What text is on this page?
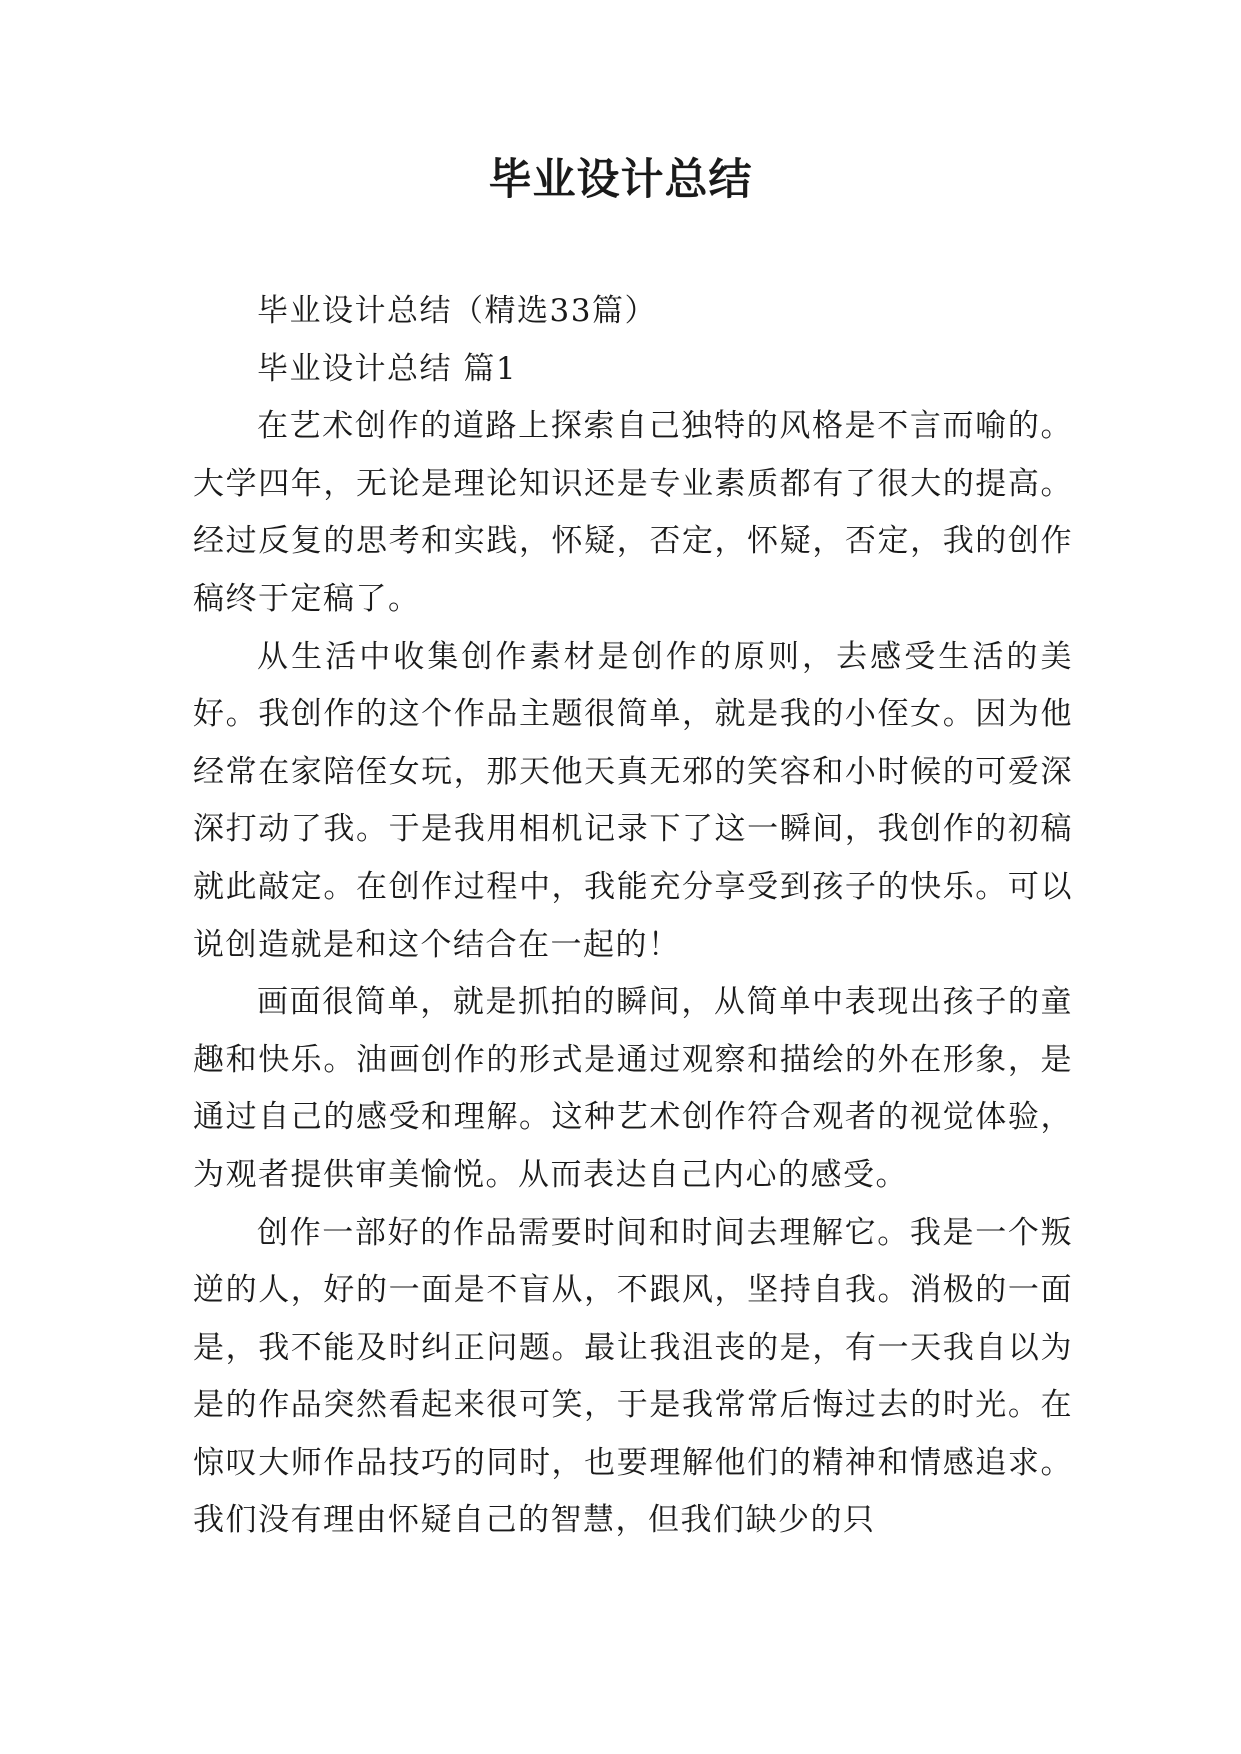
毕业设计总结

毕业设计总结（精选33篇）

毕业设计总结 篇1

在艺术创作的道路上探索自己独特的风格是不言而喻的。大学四年，无论是理论知识还是专业素质都有了很大的提高。经过反复的思考和实践，怀疑，否定，怀疑，否定，我的创作稿终于定稿了。

从生活中收集创作素材是创作的原则，去感受生活的美好。我创作的这个作品主题很简单，就是我的小侄女。因为他经常在家陪侄女玩，那天他天真无邪的笑容和小时候的可爱深深打动了我。于是我用相机记录下了这一瞬间，我创作的初稿就此敲定。在创作过程中，我能充分享受到孩子的快乐。可以说创造就是和这个结合在一起的！

画面很简单，就是抓拍的瞬间，从简单中表现出孩子的童趣和快乐。油画创作的形式是通过观察和描绘的外在形象，是通过自己的感受和理解。这种艺术创作符合观者的视觉体验，为观者提供审美愉悦。从而表达自己内心的感受。

创作一部好的作品需要时间和时间去理解它。我是一个叛逆的人，好的一面是不盲从，不跟风，坚持自我。消极的一面是，我不能及时纠正问题。最让我沮丧的是，有一天我自以为是的作品突然看起来很可笑，于是我常常后悔过去的时光。在惊叹大师作品技巧的同时，也要理解他们的精神和情感追求。我们没有理由怀疑自己的智慧，但我们缺少的只
